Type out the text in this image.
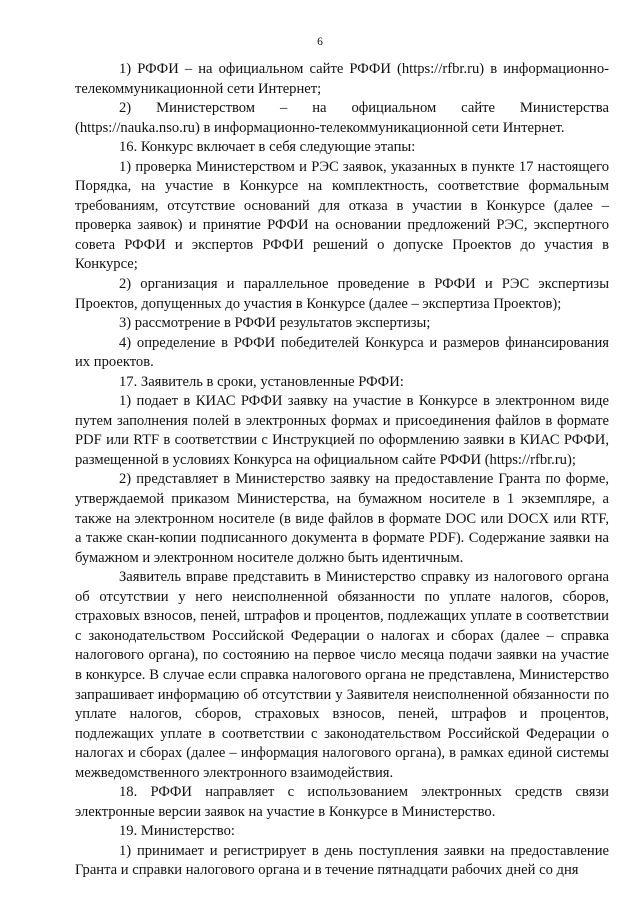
6

1) РФФИ – на официальном сайте РФФИ (https://rfbr.ru) в информационно-телекоммуникационной сети Интернет;

2) Министерством – на официальном сайте Министерства (https://nauka.nso.ru) в информационно-телекоммуникационной сети Интернет.

16. Конкурс включает в себя следующие этапы:

1) проверка Министерством и РЭС заявок, указанных в пункте 17 настоящего Порядка, на участие в Конкурсе на комплектность, соответствие формальным требованиям, отсутствие оснований для отказа в участии в Конкурсе (далее – проверка заявок) и принятие РФФИ на основании предложений РЭС, экспертного совета РФФИ и экспертов РФФИ решений о допуске Проектов до участия в Конкурсе;

2) организация и параллельное проведение в РФФИ и РЭС экспертизы Проектов, допущенных до участия в Конкурсе (далее – экспертиза Проектов);

3) рассмотрение в РФФИ результатов экспертизы;

4) определение в РФФИ победителей Конкурса и размеров финансирования их проектов.

17. Заявитель в сроки, установленные РФФИ:

1) подает в КИАС РФФИ заявку на участие в Конкурсе в электронном виде путем заполнения полей в электронных формах и присоединения файлов в формате PDF или RTF в соответствии с Инструкцией по оформлению заявки в КИАС РФФИ, размещенной в условиях Конкурса на официальном сайте РФФИ (https://rfbr.ru);

2) представляет в Министерство заявку на предоставление Гранта по форме, утверждаемой приказом Министерства, на бумажном носителе в 1 экземпляре, а также на электронном носителе (в виде файлов в формате DOC или DOCX или RTF, а также скан-копии подписанного документа в формате PDF). Содержание заявки на бумажном и электронном носителе должно быть идентичным.

Заявитель вправе представить в Министерство справку из налогового органа об отсутствии у него неисполненной обязанности по уплате налогов, сборов, страховых взносов, пеней, штрафов и процентов, подлежащих уплате в соответствии с законодательством Российской Федерации о налогах и сборах (далее – справка налогового органа), по состоянию на первое число месяца подачи заявки на участие в конкурсе. В случае если справка налогового органа не представлена, Министерство запрашивает информацию об отсутствии у Заявителя неисполненной обязанности по уплате налогов, сборов, страховых взносов, пеней, штрафов и процентов, подлежащих уплате в соответствии с законодательством Российской Федерации о налогах и сборах (далее – информация налогового органа), в рамках единой системы межведомственного электронного взаимодействия.

18. РФФИ направляет с использованием электронных средств связи электронные версии заявок на участие в Конкурсе в Министерство.

19. Министерство:

1) принимает и регистрирует в день поступления заявки на предоставление Гранта и справки налогового органа и в течение пятнадцати рабочих дней со дня
